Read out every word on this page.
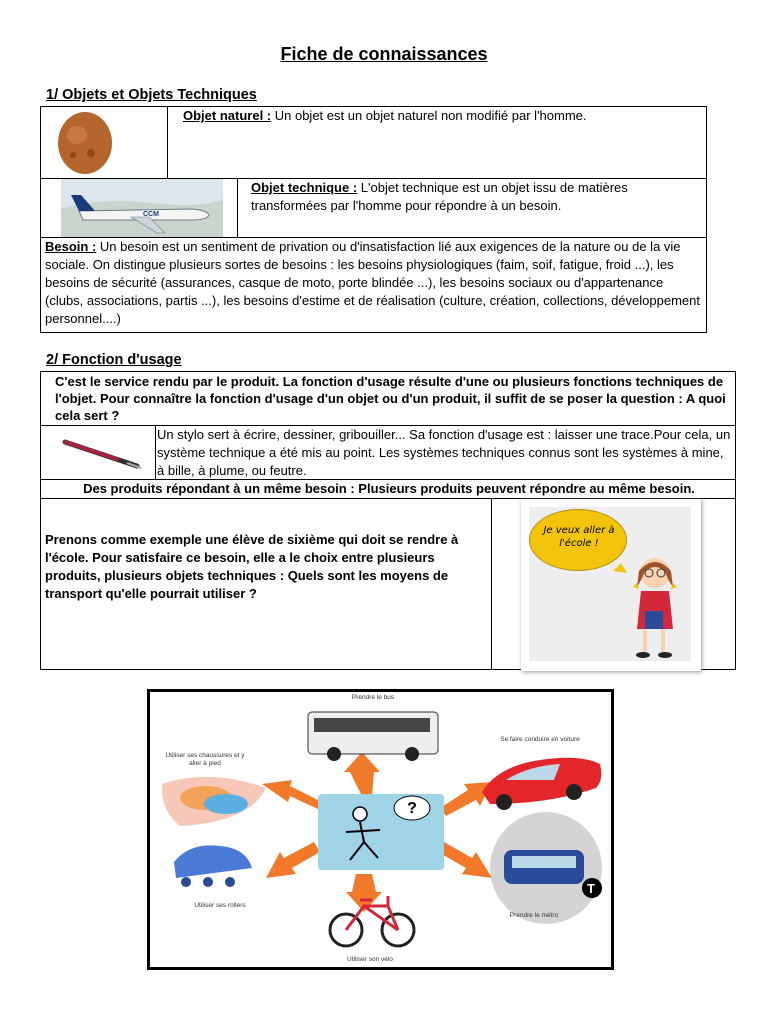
Fiche de connaissances
1/ Objets et Objets Techniques
Objet naturel : Un objet est un objet naturel non modifié par l'homme.
CCM
Objet technique : L'objet technique est un objet issu de matières transformées par l'homme pour répondre à un besoin.
Besoin : Un besoin est un sentiment de privation ou d'insatisfaction lié aux exigences de la nature ou de la vie sociale. On distingue plusieurs sortes de besoins : les besoins physiologiques (faim, soif, fatigue, froid ...), les besoins de sécurité (assurances, casque de moto, porte blindée ...), les besoins sociaux ou d'appartenance (clubs, associations, partis ...), les besoins d'estime et de réalisation (culture, création, collections, développement personnel....)
2/ Fonction d'usage
C'est le service rendu par le produit. La fonction d'usage résulte d'une ou plusieurs fonctions techniques de l'objet. Pour connaître la fonction d'usage d'un objet ou d'un produit, il suffit de se poser la question : A quoi cela sert ?
Un stylo sert à écrire, dessiner, gribouiller... Sa fonction d'usage est : laisser une trace.Pour cela, un système technique a été mis au point. Les systèmes techniques connus sont les systèmes à mine, à bille, à plume, ou feutre.
Des produits répondant à un même besoin : Plusieurs produits peuvent répondre au même besoin.
Prenons comme exemple une élève de sixième qui doit se rendre à l'école. Pour satisfaire ce besoin, elle a le choix entre plusieurs produits, plusieurs objets techniques : Quels sont les moyens de transport qu'elle pourrait utiliser ?
Je veux aller à l'école !
T
?
Prendre le bus
Utiliser ses chaussures et y aller à pied
Se faire conduire en voiture
Utiliser ses rollers
Prendre le métro
Utiliser son vélo
